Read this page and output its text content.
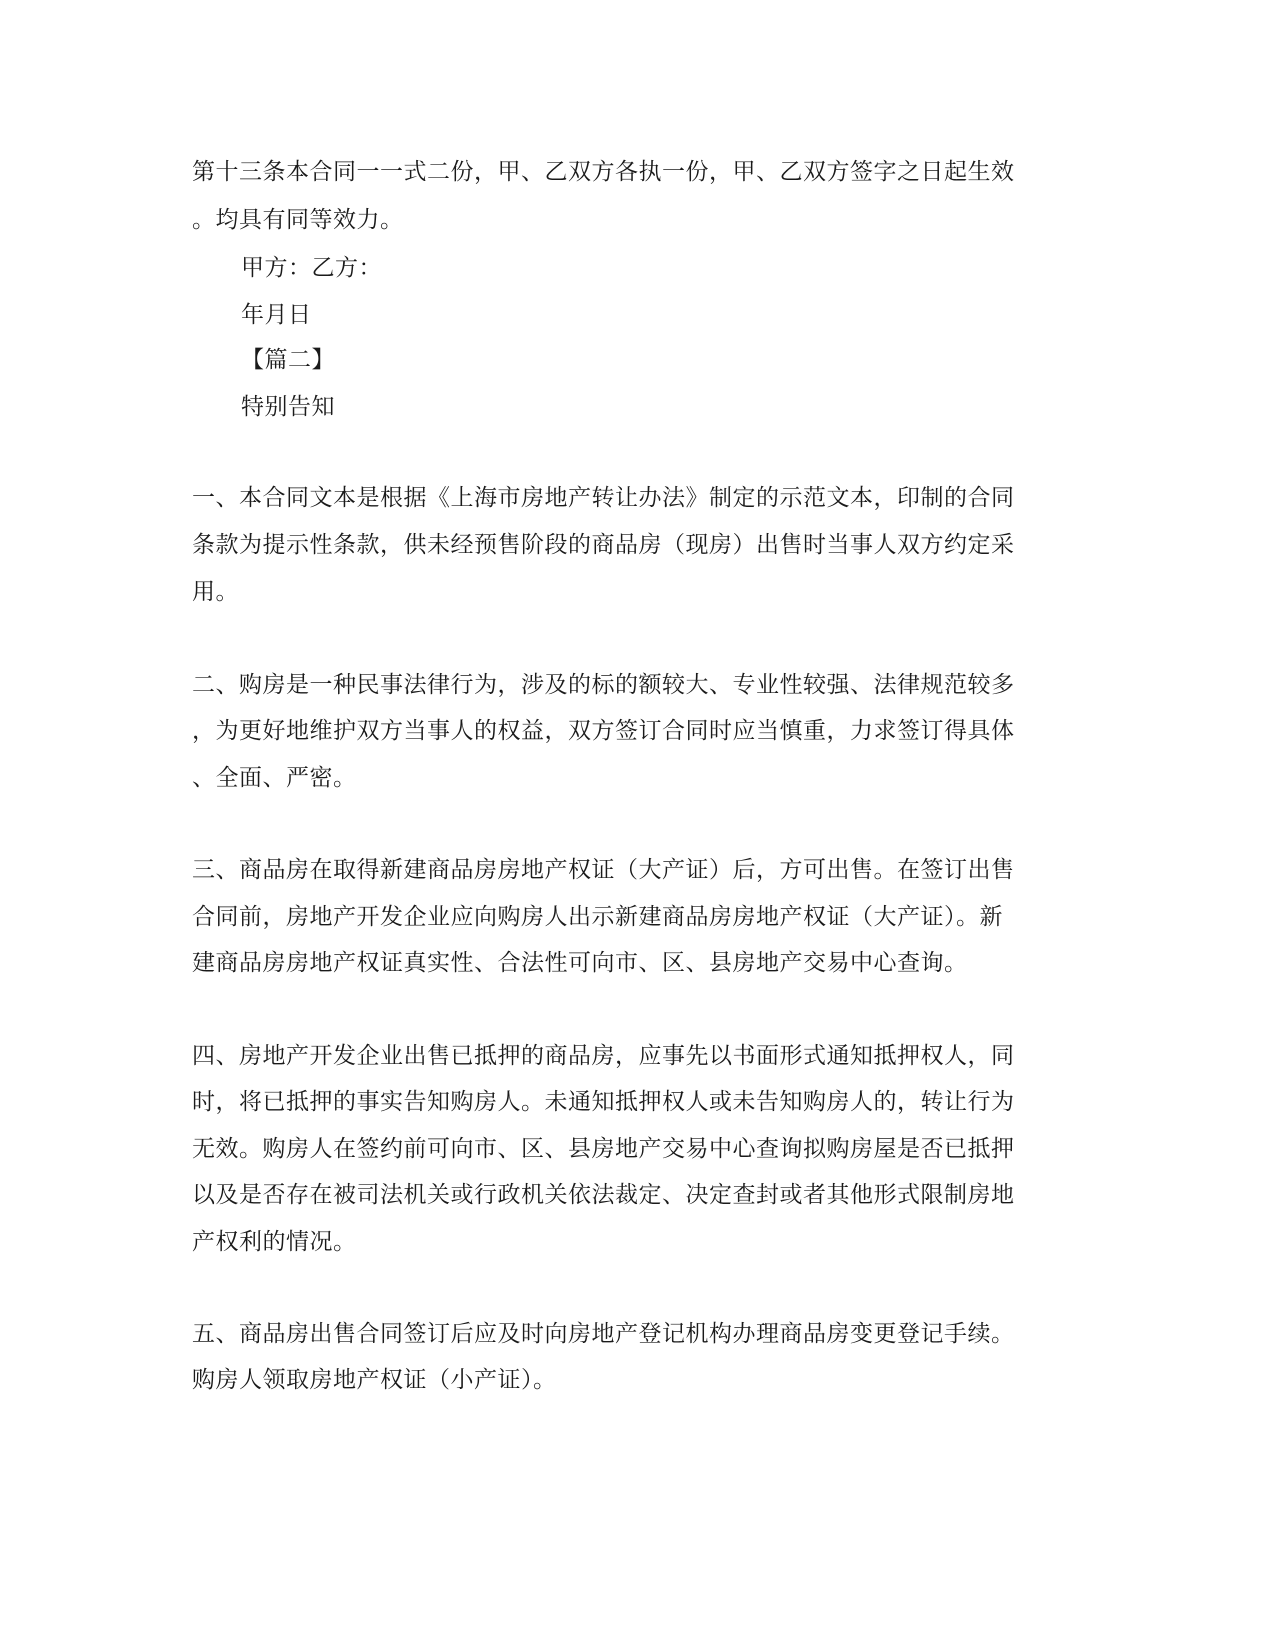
第十三条本合同一一式二份，甲、乙双方各执一份，甲、乙双方签字之日起生效
。均具有同等效力。
甲方：乙方：
年月日
【篇二】
特别告知
一、本合同文本是根据《上海市房地产转让办法》制定的示范文本，印制的合同
条款为提示性条款，供未经预售阶段的商品房（现房）出售时当事人双方约定采
用。
二、购房是一种民事法律行为，涉及的标的额较大、专业性较强、法律规范较多
，为更好地维护双方当事人的权益，双方签订合同时应当慎重，力求签订得具体
、全面、严密。
三、商品房在取得新建商品房房地产权证（大产证）后，方可出售。在签订出售
合同前，房地产开发企业应向购房人出示新建商品房房地产权证（大产证）。新
建商品房房地产权证真实性、合法性可向市、区、县房地产交易中心查询。
四、房地产开发企业出售已抵押的商品房，应事先以书面形式通知抵押权人，同
时，将已抵押的事实告知购房人。未通知抵押权人或未告知购房人的，转让行为
无效。购房人在签约前可向市、区、县房地产交易中心查询拟购房屋是否已抵押
以及是否存在被司法机关或行政机关依法裁定、决定查封或者其他形式限制房地
产权利的情况。
五、商品房出售合同签订后应及时向房地产登记机构办理商品房变更登记手续。
购房人领取房地产权证（小产证）。
